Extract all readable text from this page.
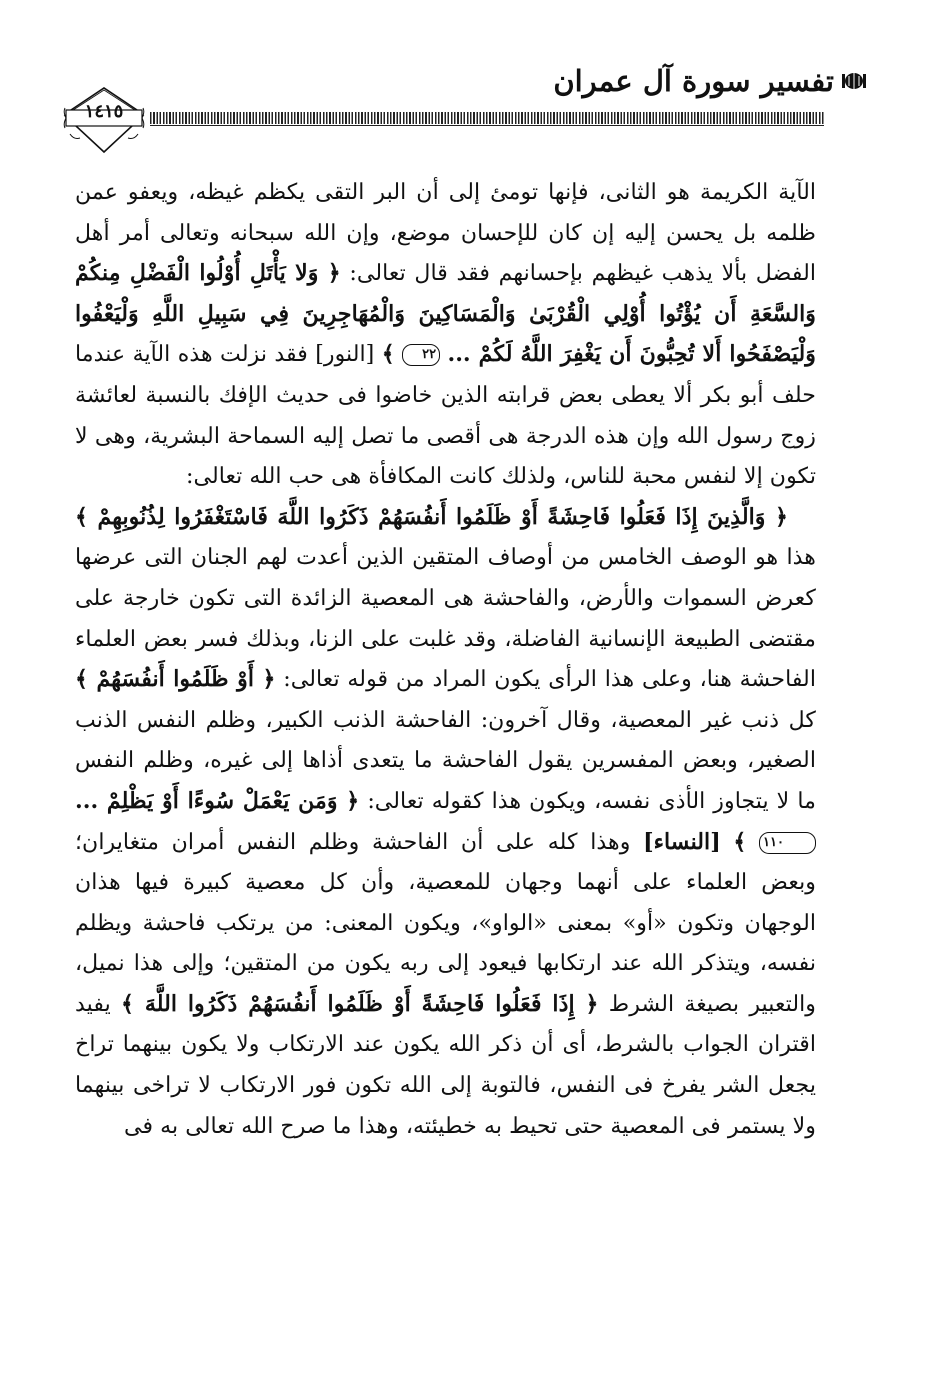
تفسير سورة آل عمران
١٤١٥

الآية الكريمة هو الثانى، فإنها تومئ إلى أن البر التقى يكظم غيظه، ويعفو عمن ظلمه بل يحسن إليه إن كان للإحسان موضع، وإن الله سبحانه وتعالى أمر أهل الفضل بألا يذهب غيظهم بإحسانهم فقد قال تعالى: ﴿ وَلا يَأْتَلِ أُوْلُوا الْفَضْلِ مِنكُمْ وَالسَّعَةِ أَن يُؤْتُوا أُوْلِي الْقُرْبَىٰ وَالْمَسَاكِينَ وَالْمُهَاجِرِينَ فِي سَبِيلِ اللَّهِ وَلْيَعْفُوا وَلْيَصْفَحُوا أَلا تُحِبُّونَ أَن يَغْفِرَ اللَّهُ لَكُمْ ... ٢٢ ﴾ [النور] فقد نزلت هذه الآية عندما حلف أبو بكر ألا يعطى بعض قرابته الذين خاضوا فى حديث الإفك بالنسبة لعائشة زوج رسول الله وإن هذه الدرجة هى أقصى ما تصل إليه السماحة البشرية، وهى لا تكون إلا لنفس محبة للناس، ولذلك كانت المكافأة هى حب الله تعالى:

﴿ وَالَّذِينَ إِذَا فَعَلُوا فَاحِشَةً أَوْ ظَلَمُوا أَنفُسَهُمْ ذَكَرُوا اللَّهَ فَاسْتَغْفَرُوا لِذُنُوبِهِمْ ﴾ هذا هو الوصف الخامس من أوصاف المتقين الذين أعدت لهم الجنان التى عرضها كعرض السموات والأرض، والفاحشة هى المعصية الزائدة التى تكون خارجة على مقتضى الطبيعة الإنسانية الفاضلة، وقد غلبت على الزنا، وبذلك فسر بعض العلماء الفاحشة هنا، وعلى هذا الرأى يكون المراد من قوله تعالى: ﴿ أَوْ ظَلَمُوا أَنفُسَهُمْ ﴾ كل ذنب غير المعصية، وقال آخرون: الفاحشة الذنب الكبير، وظلم النفس الذنب الصغير، وبعض المفسرين يقول الفاحشة ما يتعدى أذاها إلى غيره، وظلم النفس ما لا يتجاوز الأذى نفسه، ويكون هذا كقوله تعالى: ﴿ وَمَن يَعْمَلْ سُوءًا أَوْ يَظْلِمْ ... ١١٠ ﴾ [النساء] وهذا كله على أن الفاحشة وظلم النفس أمران متغايران؛ وبعض العلماء على أنهما وجهان للمعصية، وأن كل معصية كبيرة فيها هذان الوجهان وتكون «أو» بمعنى «الواو»، ويكون المعنى: من يرتكب فاحشة ويظلم نفسه، ويتذكر الله عند ارتكابها فيعود إلى ربه يكون من المتقين؛ وإلى هذا نميل، والتعبير بصيغة الشرط ﴿ إِذَا فَعَلُوا فَاحِشَةً أَوْ ظَلَمُوا أَنفُسَهُمْ ذَكَرُوا اللَّهَ ﴾ يفيد اقتران الجواب بالشرط، أى أن ذكر الله يكون عند الارتكاب ولا يكون بينهما تراخ يجعل الشر يفرخ فى النفس، فالتوبة إلى الله تكون فور الارتكاب لا تراخى بينهما ولا يستمر فى المعصية حتى تحيط به خطيئته، وهذا ما صرح الله تعالى به فى
